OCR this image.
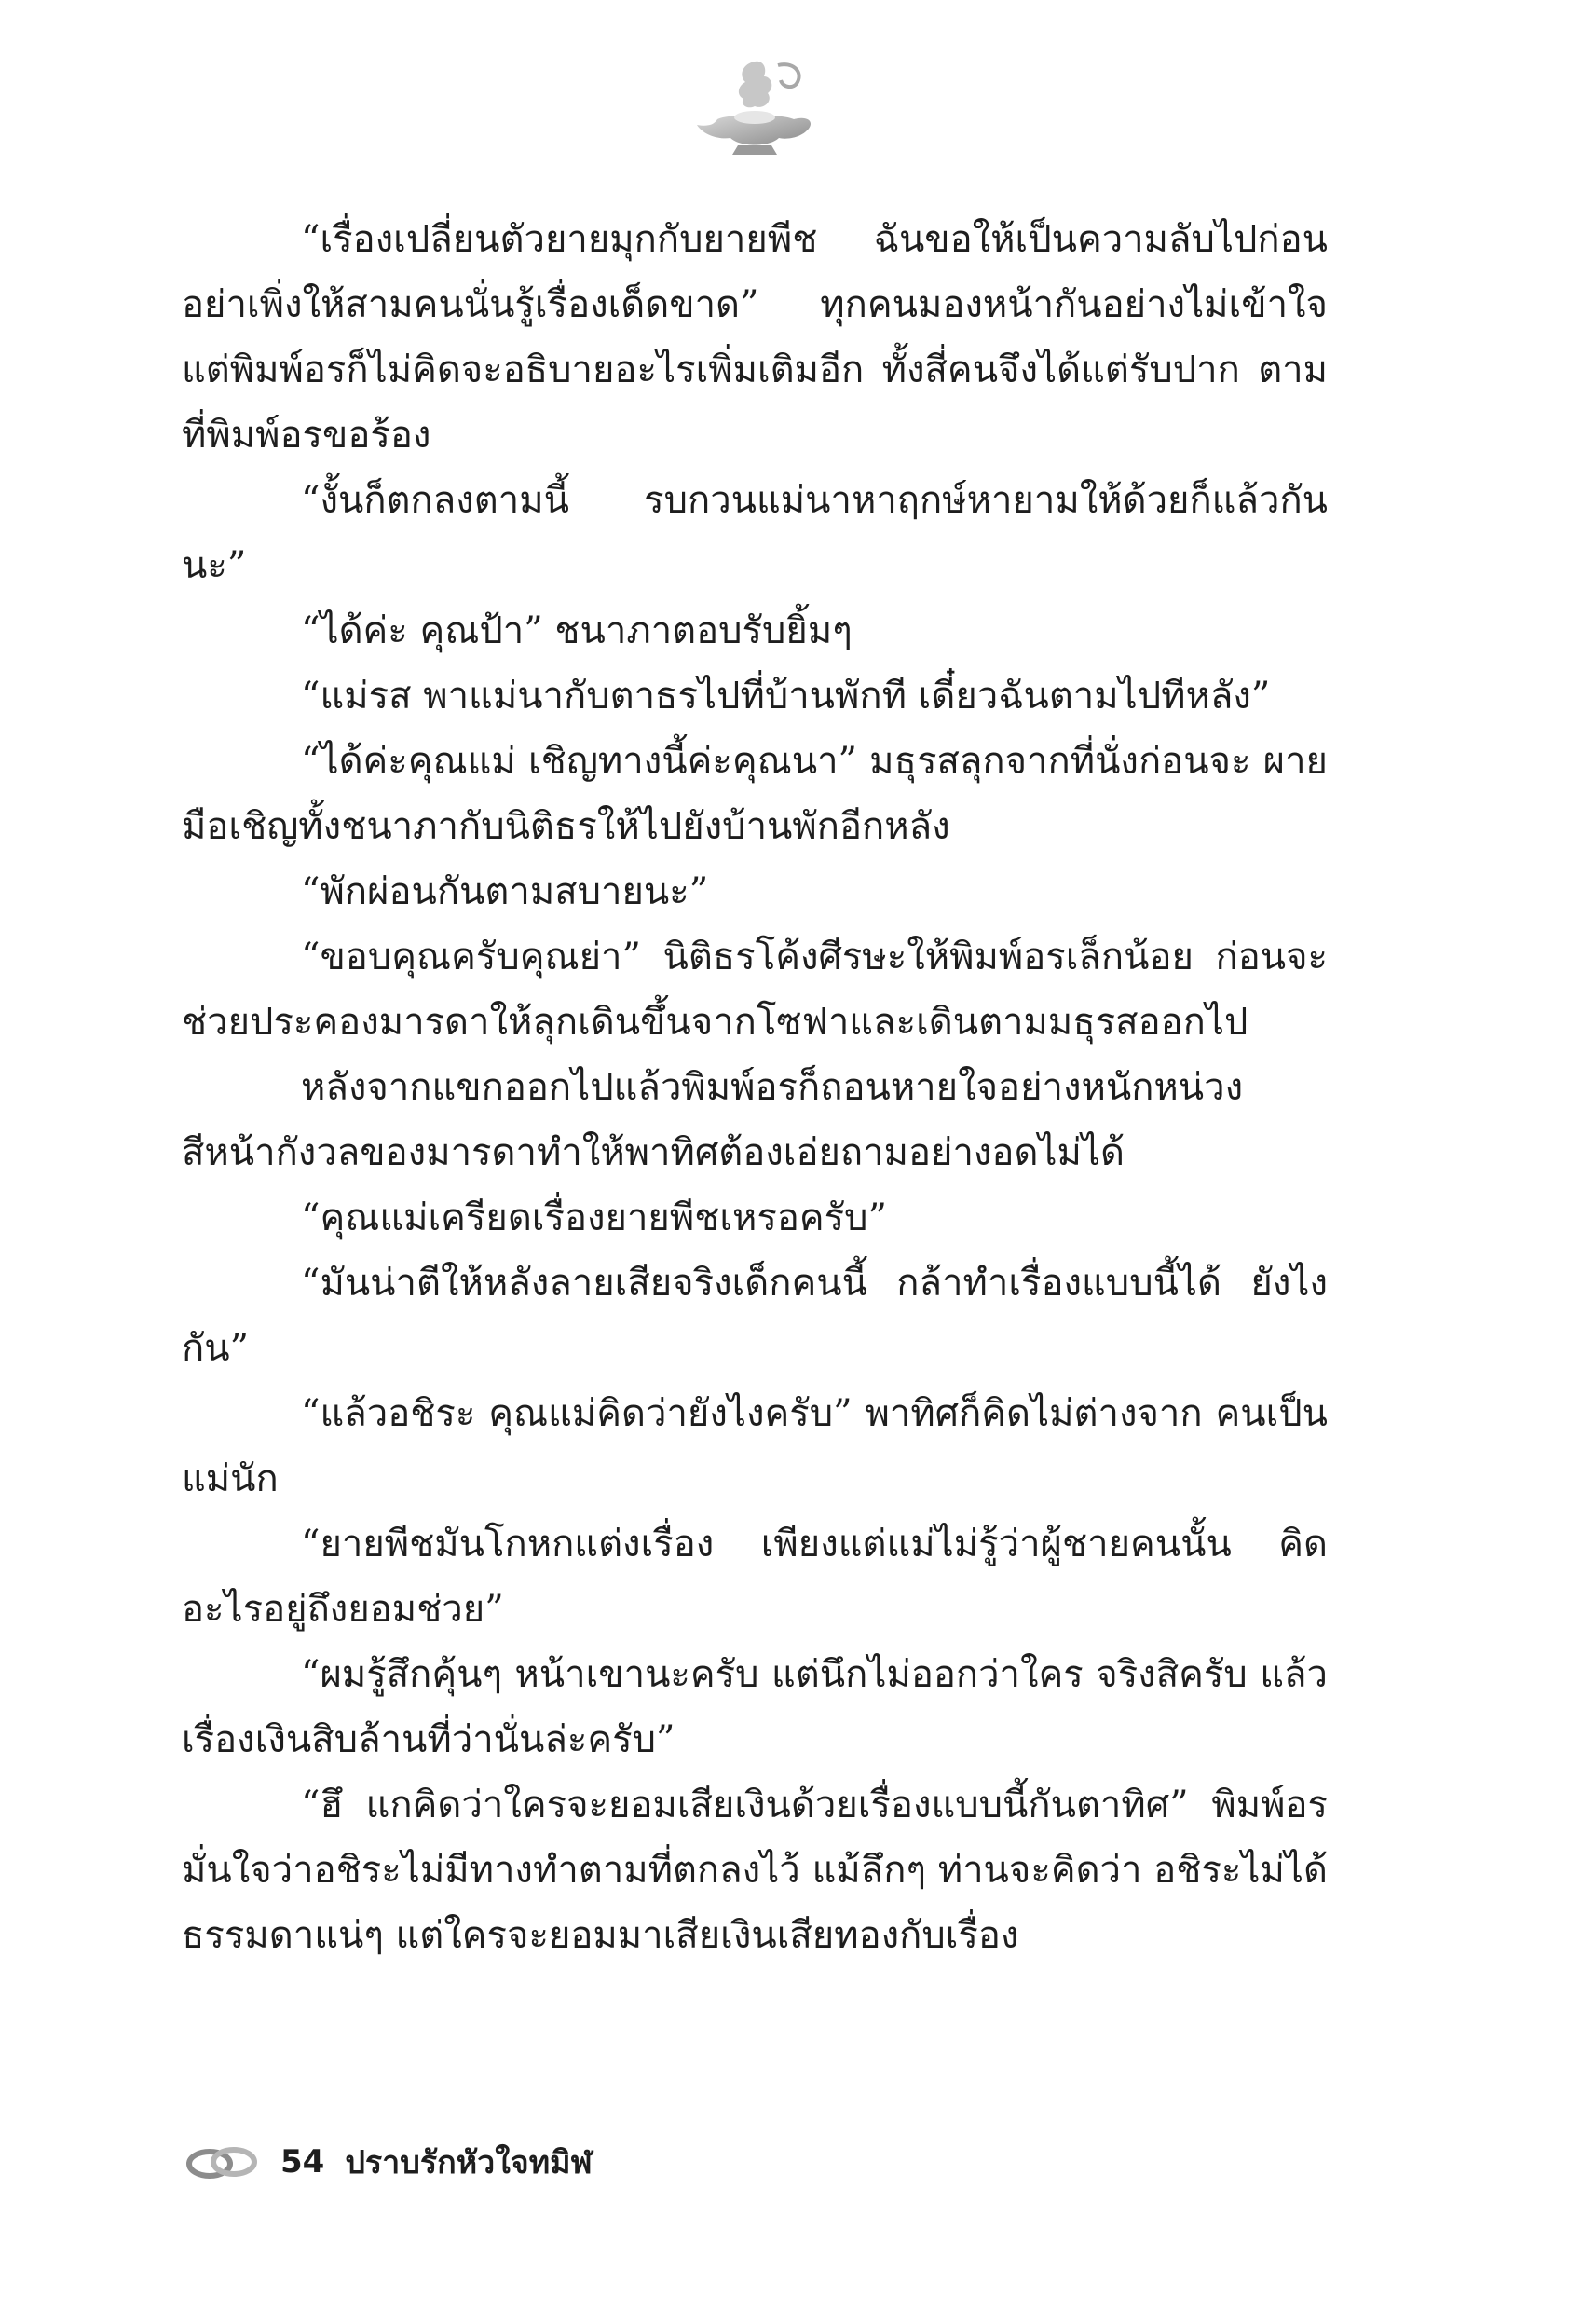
“เรื่องเปลี่ยนตัวยายมุกกับยายพีช ฉันขอให้เป็นความลับไปก่อน อย่าเพิ่งให้สามคนนั่นรู้เรื่องเด็ดขาด” ทุกคนมองหน้ากันอย่างไม่เข้าใจ แต่พิมพ์อรก็ไม่คิดจะอธิบายอะไรเพิ่มเติมอีก ทั้งสี่คนจึงได้แต่รับปาก ตามที่พิมพ์อรขอร้อง

“งั้นก็ตกลงตามนี้ รบกวนแม่นาหาฤกษ์หายามให้ด้วยก็แล้วกันนะ”

“ได้ค่ะ คุณป้า” ชนาภาตอบรับยิ้มๆ

“แม่รส พาแม่นากับตาธรไปที่บ้านพักที เดี๋ยวฉันตามไปทีหลัง”

“ได้ค่ะคุณแม่ เชิญทางนี้ค่ะคุณนา” มธุรสลุกจากที่นั่งก่อนจะ ผายมือเชิญทั้งชนาภากับนิติธรให้ไปยังบ้านพักอีกหลัง

“พักผ่อนกันตามสบายนะ”

“ขอบคุณครับคุณย่า” นิติธรโค้งศีรษะให้พิมพ์อรเล็กน้อย ก่อนจะ ช่วยประคองมารดาให้ลุกเดินขึ้นจากโซฟาและเดินตามมธุรสออกไป

หลังจากแขกออกไปแล้วพิมพ์อรก็ถอนหายใจอย่างหนักหน่วง สีหน้ากังวลของมารดาทำให้พาทิศต้องเอ่ยถามอย่างอดไม่ได้

“คุณแม่เครียดเรื่องยายพีชเหรอครับ”

“มันน่าตีให้หลังลายเสียจริงเด็กคนนี้ กล้าทำเรื่องแบบนี้ได้ ยังไงกัน”

“แล้วอชิระ คุณแม่คิดว่ายังไงครับ” พาทิศก็คิดไม่ต่างจาก คนเป็นแม่นัก

“ยายพีชมันโกหกแต่งเรื่อง เพียงแต่แม่ไม่รู้ว่าผู้ชายคนนั้น คิดอะไรอยู่ถึงยอมช่วย”

“ผมรู้สึกคุ้นๆ หน้าเขานะครับ แต่นึกไม่ออกว่าใคร จริงสิครับ แล้วเรื่องเงินสิบล้านที่ว่านั่นล่ะครับ”

“ฮึ แกคิดว่าใครจะยอมเสียเงินด้วยเรื่องแบบนี้กันตาทิศ” พิมพ์อรมั่นใจว่าอชิระไม่มีทางทำตามที่ตกลงไว้ แม้ลึกๆ ท่านจะคิดว่า อชิระไม่ได้ธรรมดาแน่ๆ แต่ใครจะยอมมาเสียเงินเสียทองกับเรื่อง

54 ปราบรักหัวใจทมิฬ
